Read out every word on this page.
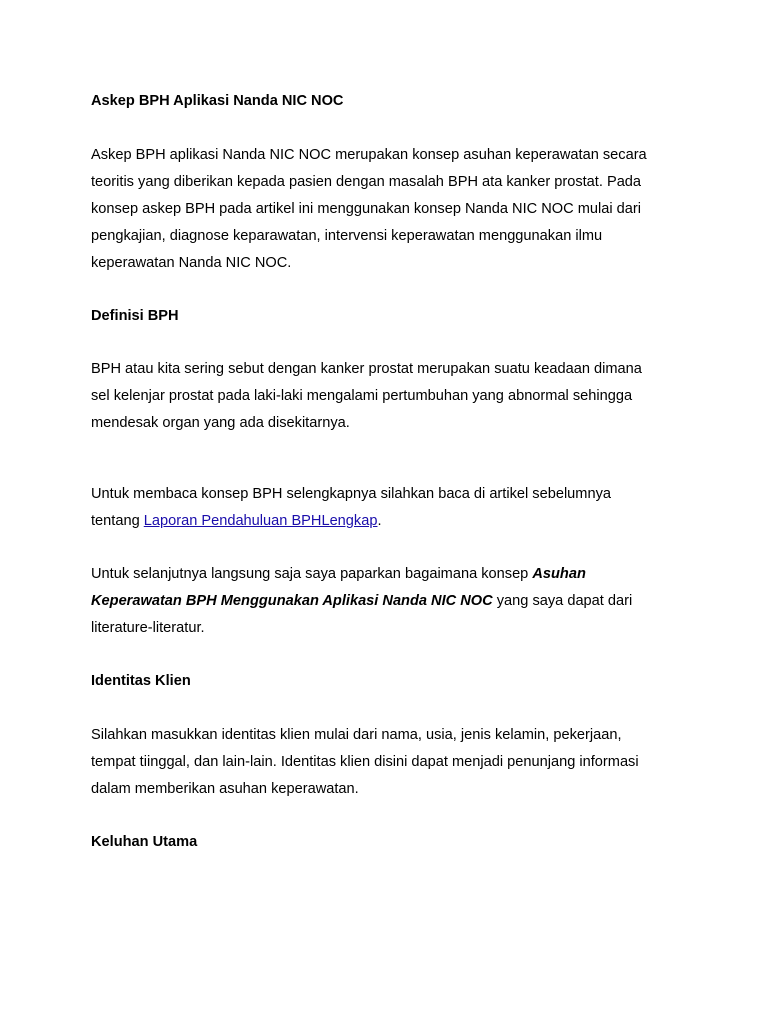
Askep BPH Aplikasi Nanda NIC NOC

Askep BPH aplikasi Nanda NIC NOC merupakan konsep asuhan keperawatan secara
teoritis yang diberikan kepada pasien dengan masalah BPH ata kanker prostat. Pada
konsep askep BPH pada artikel ini menggunakan konsep Nanda NIC NOC mulai dari
pengkajian, diagnose keparawatan, intervensi keperawatan menggunakan ilmu
keperawatan Nanda NIC NOC.

Definisi BPH

BPH atau kita sering sebut dengan kanker prostat merupakan suatu keadaan dimana
sel kelenjar prostat pada laki-laki mengalami pertumbuhan yang abnormal sehingga
mendesak organ yang ada disekitarnya.
Untuk membaca konsep BPH selengkapnya silahkan baca di artikel sebelumnya
tentang Laporan Pendahuluan BPHLengkap.
Untuk selanjutnya langsung saja saya paparkan bagaimana konsep Asuhan
Keperawatan BPH Menggunakan Aplikasi Nanda NIC NOC yang saya dapat dari
literature-literatur.

Identitas Klien

Silahkan masukkan identitas klien mulai dari nama, usia, jenis kelamin, pekerjaan,
tempat tiinggal, dan lain-lain. Identitas klien disini dapat menjadi penunjang informasi
dalam memberikan asuhan keperawatan.

Keluhan Utama
